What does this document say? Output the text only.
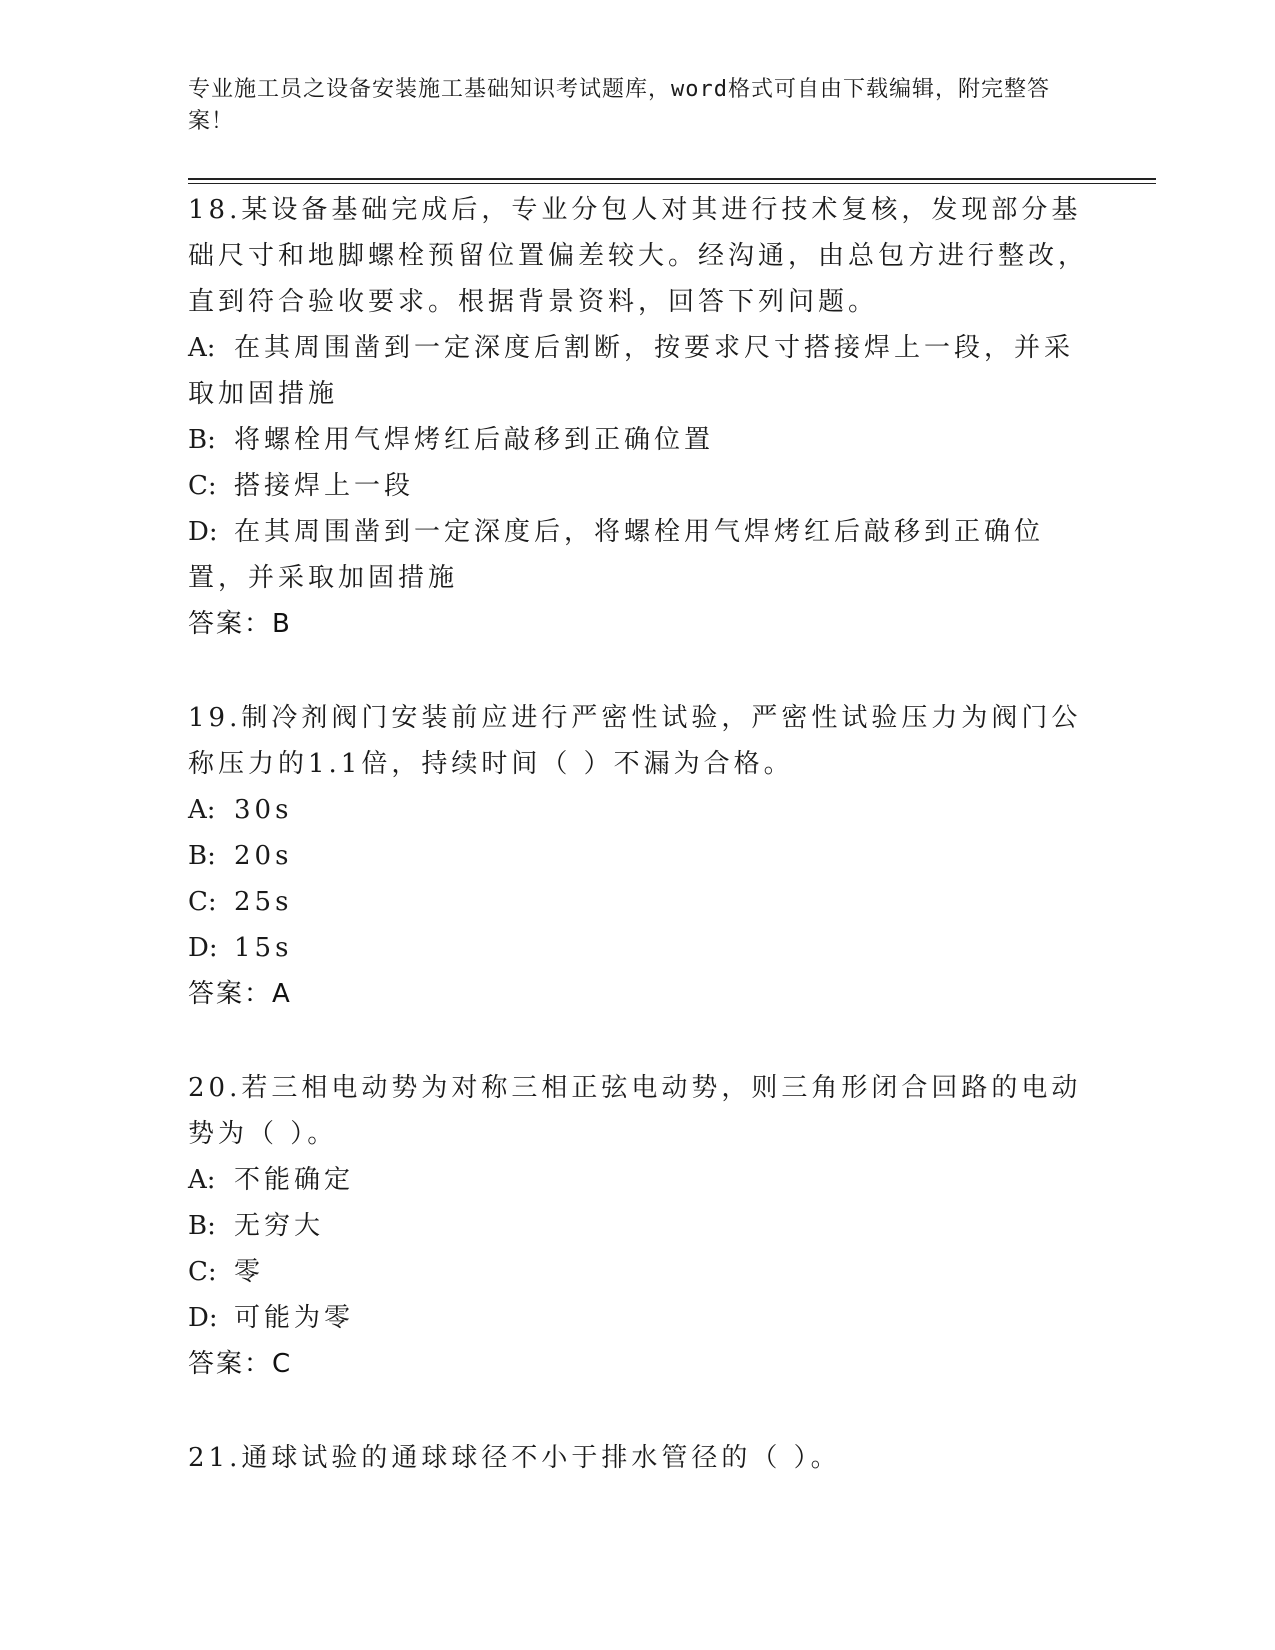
专业施工员之设备安装施工基础知识考试题库，word格式可自由下载编辑，附完整答案！

18.某设备基础完成后，专业分包人对其进行技术复核，发现部分基础尺寸和地脚螺栓预留位置偏差较大。经沟通，由总包方进行整改，直到符合验收要求。根据背景资料，回答下列问题。

A: 在其周围凿到一定深度后割断，按要求尺寸搭接焊上一段，并采取加固措施

B: 将螺栓用气焊烤红后敲移到正确位置

C: 搭接焊上一段

D: 在其周围凿到一定深度后，将螺栓用气焊烤红后敲移到正确位置，并采取加固措施

答案：B

19.制冷剂阀门安装前应进行严密性试验，严密性试验压力为阀门公称压力的1.1倍，持续时间（ ）不漏为合格。

A: 30s

B: 20s

C: 25s

D: 15s

答案：A

20.若三相电动势为对称三相正弦电动势，则三角形闭合回路的电动势为（ ）。

A: 不能确定

B: 无穷大

C: 零

D: 可能为零

答案：C

21.通球试验的通球球径不小于排水管径的（ ）。
